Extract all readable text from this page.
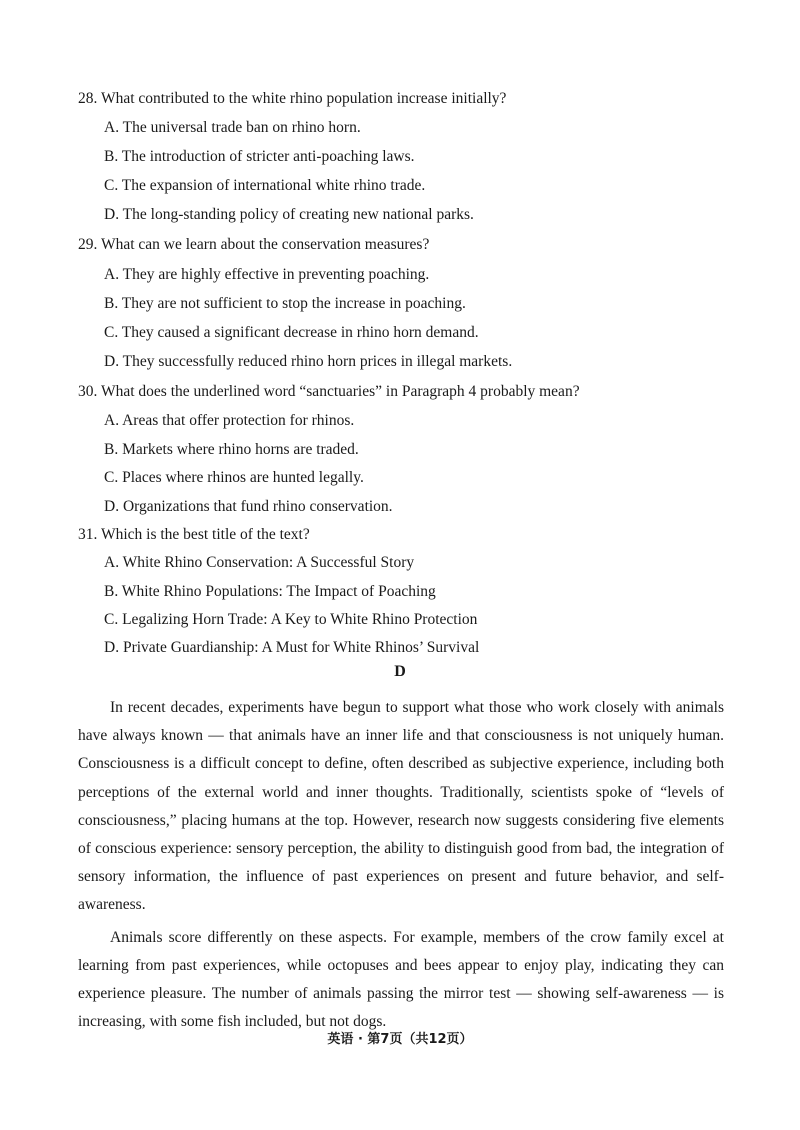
28. What contributed to the white rhino population increase initially?
A. The universal trade ban on rhino horn.
B. The introduction of stricter anti-poaching laws.
C. The expansion of international white rhino trade.
D. The long-standing policy of creating new national parks.
29. What can we learn about the conservation measures?
A. They are highly effective in preventing poaching.
B. They are not sufficient to stop the increase in poaching.
C. They caused a significant decrease in rhino horn demand.
D. They successfully reduced rhino horn prices in illegal markets.
30. What does the underlined word “sanctuaries” in Paragraph 4 probably mean?
A. Areas that offer protection for rhinos.
B. Markets where rhino horns are traded.
C. Places where rhinos are hunted legally.
D. Organizations that fund rhino conservation.
31. Which is the best title of the text?
A. White Rhino Conservation: A Successful Story
B. White Rhino Populations: The Impact of Poaching
C. Legalizing Horn Trade: A Key to White Rhino Protection
D. Private Guardianship: A Must for White Rhinos’ Survival
D

In recent decades, experiments have begun to support what those who work closely with animals have always known — that animals have an inner life and that consciousness is not uniquely human. Consciousness is a difficult concept to define, often described as subjective experience, including both perceptions of the external world and inner thoughts. Traditionally, scientists spoke of “levels of consciousness,” placing humans at the top. However, research now suggests considering five elements of conscious experience: sensory perception, the ability to distinguish good from bad, the integration of sensory information, the influence of past experiences on present and future behavior, and self-awareness.

Animals score differently on these aspects. For example, members of the crow family excel at learning from past experiences, while octopuses and bees appear to enjoy play, indicating they can experience pleasure. The number of animals passing the mirror test — showing self-awareness — is increasing, with some fish included, but not dogs.

英语 · 第7页（共12页）
